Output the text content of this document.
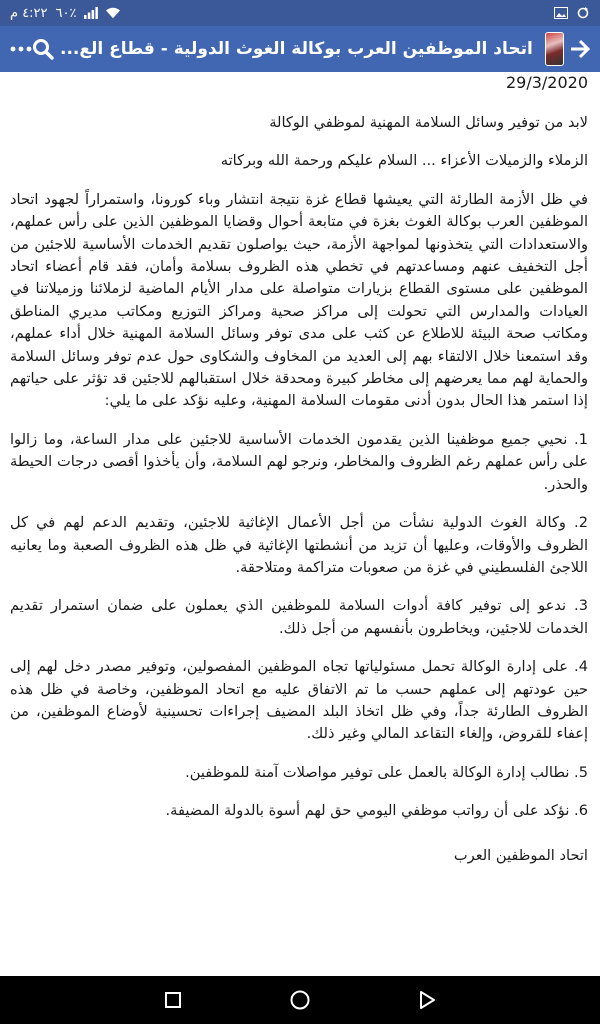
٤:٢٢ م ٦٠٪
اتحاد الموظفين العرب بوكالة الغوث الدولية - قطاع الع...
29/3/2020

لابد من توفير وسائل السلامة المهنية لموظفي الوكالة

الزملاء والزميلات الأعزاء ... السلام عليكم ورحمة الله وبركاته

في ظل الأزمة الطارئة التي يعيشها قطاع غزة نتيجة انتشار وباء كورونا، واستمراراً لجهود اتحاد الموظفين العرب بوكالة الغوث بغزة في متابعة أحوال وقضايا الموظفين الذين على رأس عملهم، والاستعدادات التي يتخذونها لمواجهة الأزمة، حيث يواصلون تقديم الخدمات الأساسية للاجئين من أجل التخفيف عنهم ومساعدتهم في تخطي هذه الظروف بسلامة وأمان، فقد قام أعضاء اتحاد الموظفين على مستوى القطاع بزيارات متواصلة على مدار الأيام الماضية لزملائنا وزميلاتنا في العيادات والمدارس التي تحولت إلى مراكز صحية ومراكز التوزيع ومكاتب مديري المناطق ومكاتب صحة البيئة للاطلاع عن كثب على مدى توفر وسائل السلامة المهنية خلال أداء عملهم، وقد استمعنا خلال الالتقاء بهم إلى العديد من المخاوف والشكاوى حول عدم توفر وسائل السلامة والحماية لهم مما يعرضهم إلى مخاطر كبيرة ومحدقة خلال استقبالهم للاجئين قد تؤثر على حياتهم إذا استمر هذا الحال بدون أدنى مقومات السلامة المهنية، وعليه نؤكد على ما يلي:

1. نحيي جميع موظفينا الذين يقدمون الخدمات الأساسية للاجئين على مدار الساعة، وما زالوا على رأس عملهم رغم الظروف والمخاطر، ونرجو لهم السلامة، وأن يأخذوا أقصى درجات الحيطة والحذر.

2. وكالة الغوث الدولية نشأت من أجل الأعمال الإغاثية للاجئين، وتقديم الدعم لهم في كل الظروف والأوقات، وعليها أن تزيد من أنشطتها الإغاثية في ظل هذه الظروف الصعبة وما يعانيه اللاجئ الفلسطيني في غزة من صعوبات متراكمة ومتلاحقة.

3. ندعو إلى توفير كافة أدوات السلامة للموظفين الذي يعملون على ضمان استمرار تقديم الخدمات للاجئين، ويخاطرون بأنفسهم من أجل ذلك.

4. على إدارة الوكالة تحمل مسئولياتها تجاه الموظفين المفصولين، وتوفير مصدر دخل لهم إلى حين عودتهم إلى عملهم حسب ما تم الاتفاق عليه مع اتحاد الموظفين، وخاصة في ظل هذه الظروف الطارئة جداً، وفي ظل اتخاذ البلد المضيف إجراءات تحسينية لأوضاع الموظفين، من إعفاء للقروض، وإلغاء التقاعد المالي وغير ذلك.

5. نطالب إدارة الوكالة بالعمل على توفير مواصلات آمنة للموظفين.

6. نؤكد على أن رواتب موظفي اليومي حق لهم أسوة بالدولة المضيفة.

اتحاد الموظفين العرب
